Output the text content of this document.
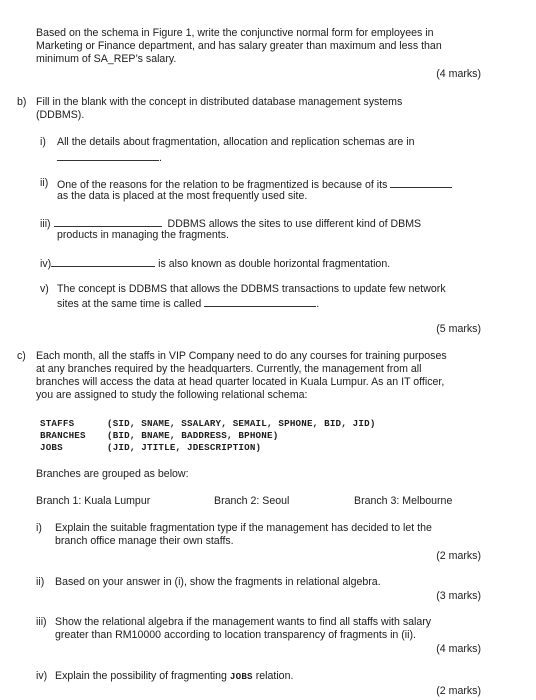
Based on the schema in Figure 1, write the conjunctive normal form for employees in
Marketing or Finance department, and has salary greater than maximum and less than
minimum of SA_REP’s salary.
(4 marks)
b) Fill in the blank with the concept in distributed database management systems
(DDBMS).
i) All the details about fragmentation, allocation and replication schemas are in
.
ii) One of the reasons for the relation to be fragmentized is because of its
as the data is placed at the most frequently used site.
iii)	DDBMS allows the sites to use different kind of DBMS
products in managing the fragments.
iv)	is also known as double horizontal fragmentation.
v) The concept is DDBMS that allows the DDBMS transactions to update few network
sites at the same time is called	.
(5 marks)
c) Each month, all the staffs in VIP Company need to do any courses for training purposes
at any branches required by the headquarters. Currently, the management from all
branches will access the data at head quarter located in Kuala Lumpur. As an IT officer,
you are assigned to study the following relational schema:
STAFFS	(SID, SNAME, SSALARY, SEMAIL, SPHONE, BID, JID)
BRANCHES (BID, BNAME, BADDRESS, BPHONE)
JOBS	(JID, JTITLE, JDESCRIPTION)
Branches are grouped as below:
Branch 1: Kuala Lumpur	Branch 2: Seoul	Branch 3: Melbourne
i) Explain the suitable fragmentation type if the management has decided to let the
branch office manage their own staffs.
(2 marks)
ii) Based on your answer in (i), show the fragments in relational algebra.
(3 marks)
iii) Show the relational algebra if the management wants to find all staffs with salary
greater than RM10000 according to location transparency of fragments in (ii).
(4 marks)
iv) Explain the possibility of fragmenting JOBS relation.
(2 marks)
